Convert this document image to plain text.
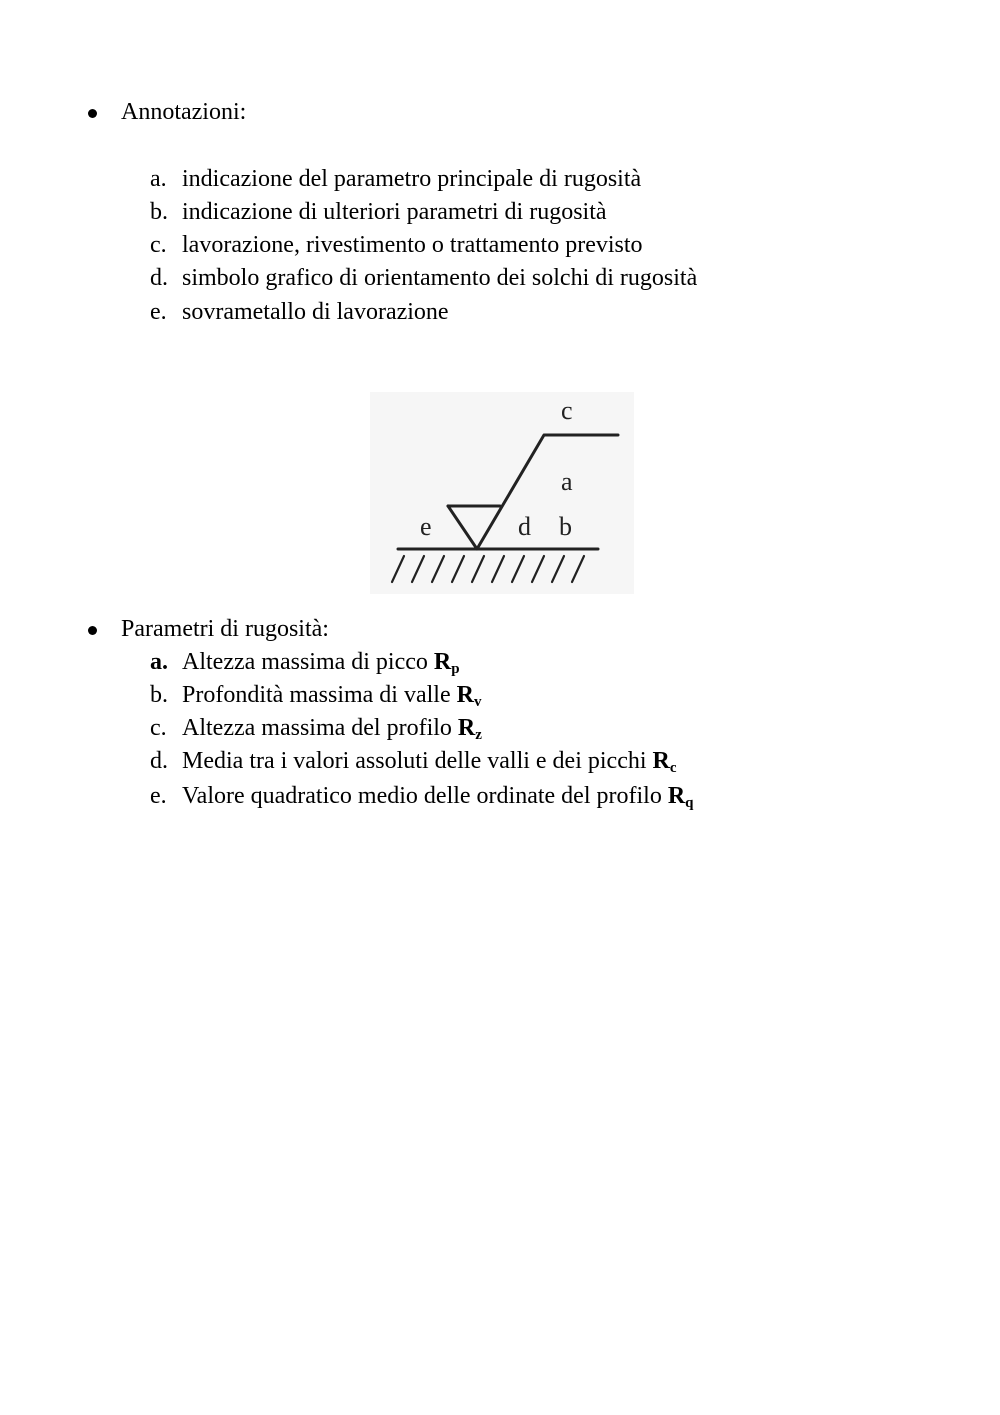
Annotazioni:
a. indicazione del parametro principale di rugosità
b. indicazione di ulteriori parametri di rugosità
c. lavorazione, rivestimento o trattamento previsto
d. simbolo grafico di orientamento dei solchi di rugosità
e. sovrametallo di lavorazione
c
a
e	d b
Parametri di rugosità:
a. Altezza massima di picco $R_p$
b. Profondità massima di valle $R_v$
c. Altezza massima del profilo $R_z$
d. Media tra i valori assoluti delle valli e dei picchi $R_c$
e. Valore quadratico medio delle ordinate del profilo $R_q$
